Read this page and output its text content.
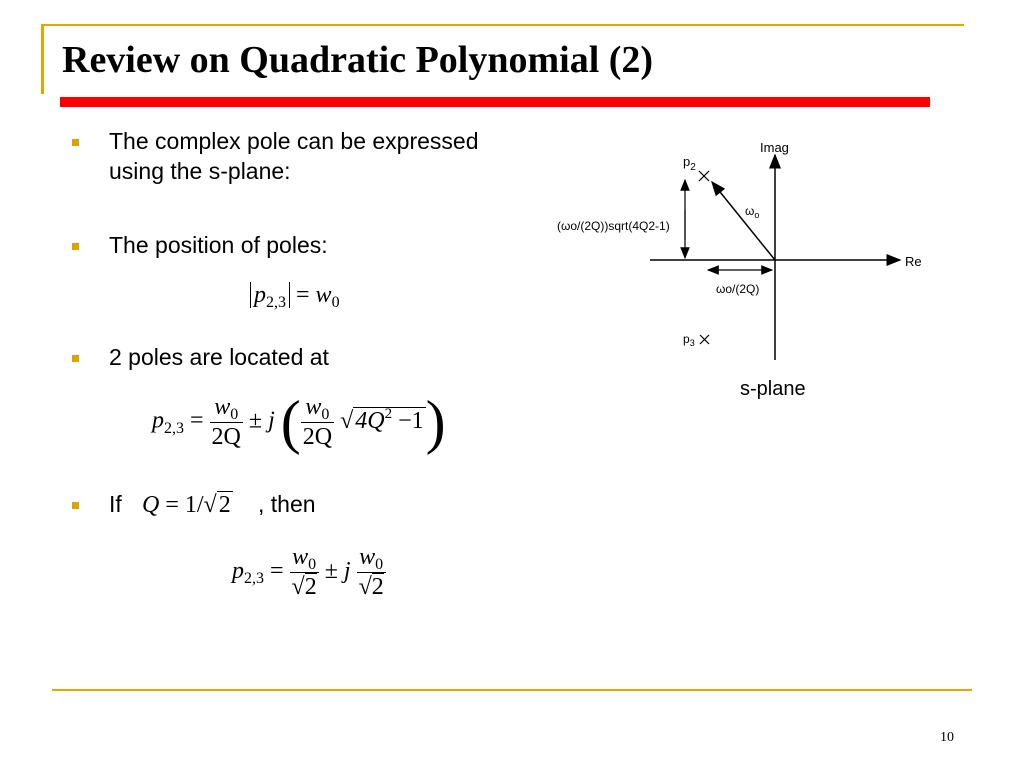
Review on Quadratic Polynomial (2)
The complex pole can be expressed
using the s-plane:
The position of poles:
$p_{2,3} = w_0$
2 poles are located at
$p_{2,3} = \frac{w_0}{2Q} \pm j$ ( $\frac{w_0}{2Q} √4Q^2 -1$)
If Q = 1/√2 , then
$p_{2,3} = \frac{w_0}{√2} \pm j \frac{w_0}{√2}$
Imag
Re
$p_2$
$\omega_o$
(ωo/(2Q))sqrt(4Q2-1)
ωo/(2Q)
$p_3$
s-plane
10
